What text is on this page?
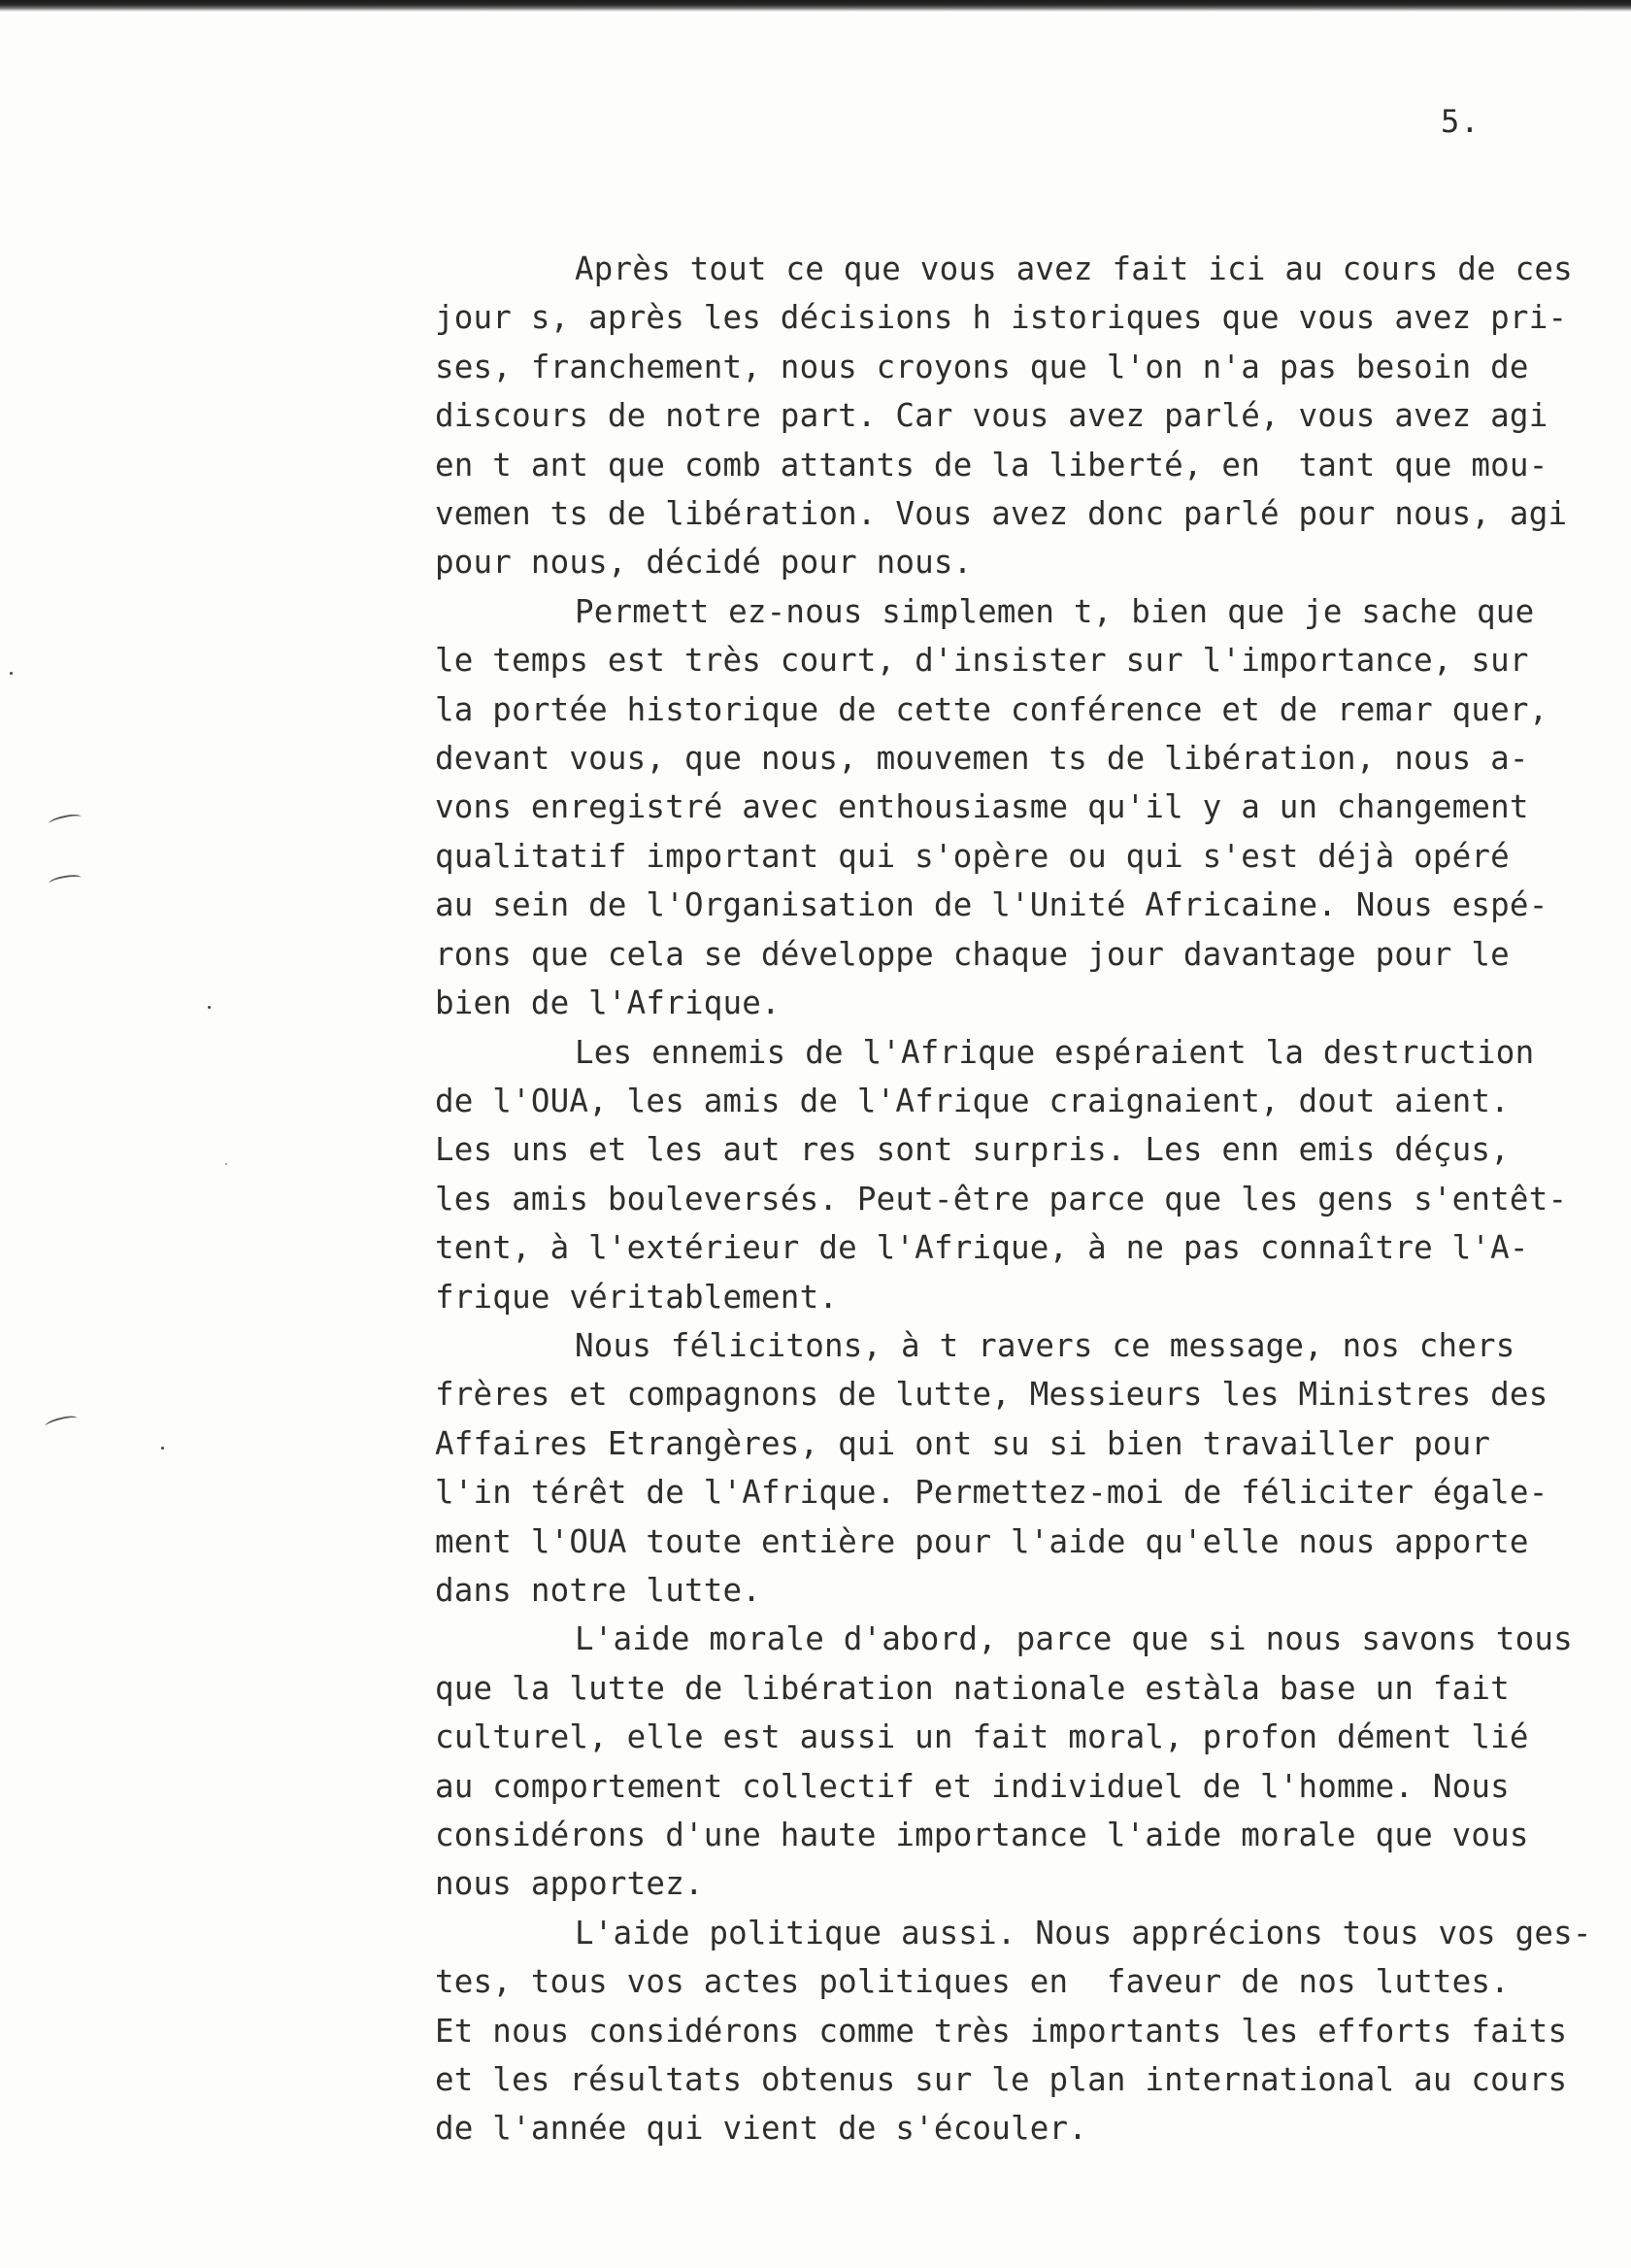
5.

Après tout ce que vous avez fait ici au cours de ces
jour s, après les décisions h istoriques que vous avez pri-
ses, franchement, nous croyons que l'on n'a pas besoin de
discours de notre part. Car vous avez parlé, vous avez agi
en t ant que comb attants de la liberté, en  tant que mou-
vemen ts de libération. Vous avez donc parlé pour nous, agi
pour nous, décidé pour nous.

Permett ez-nous simplemen t, bien que je sache que
le temps est très court, d'insister sur l'importance, sur
la portée historique de cette conférence et de remar quer,
devant vous, que nous, mouvemen ts de libération, nous a-
vons enregistré avec enthousiasme qu'il y a un changement
qualitatif important qui s'opère ou qui s'est déjà opéré
au sein de l'Organisation de l'Unité Africaine. Nous espé-
rons que cela se développe chaque jour davantage pour le
bien de l'Afrique.

Les ennemis de l'Afrique espéraient la destruction
de l'OUA, les amis de l'Afrique craignaient, dout aient.
Les uns et les aut res sont surpris. Les enn emis déçus,
les amis bouleversés. Peut-être parce que les gens s'entêt-
tent, à l'extérieur de l'Afrique, à ne pas connaître l'A-
frique véritablement.

Nous félicitons, à t ravers ce message, nos chers
frères et compagnons de lutte, Messieurs les Ministres des
Affaires Etrangères, qui ont su si bien travailler pour
l'in térêt de l'Afrique. Permettez-moi de féliciter égale-
ment l'OUA toute entière pour l'aide qu'elle nous apporte
dans notre lutte.

L'aide morale d'abord, parce que si nous savons tous
que la lutte de libération nationale estàla base un fait
culturel, elle est aussi un fait moral, profon dément lié
au comportement collectif et individuel de l'homme. Nous
considérons d'une haute importance l'aide morale que vous
nous apportez.

L'aide politique aussi. Nous apprécions tous vos ges-
tes, tous vos actes politiques en  faveur de nos luttes.
Et nous considérons comme très importants les efforts faits
et les résultats obtenus sur le plan international au cours
de l'année qui vient de s'écouler.
